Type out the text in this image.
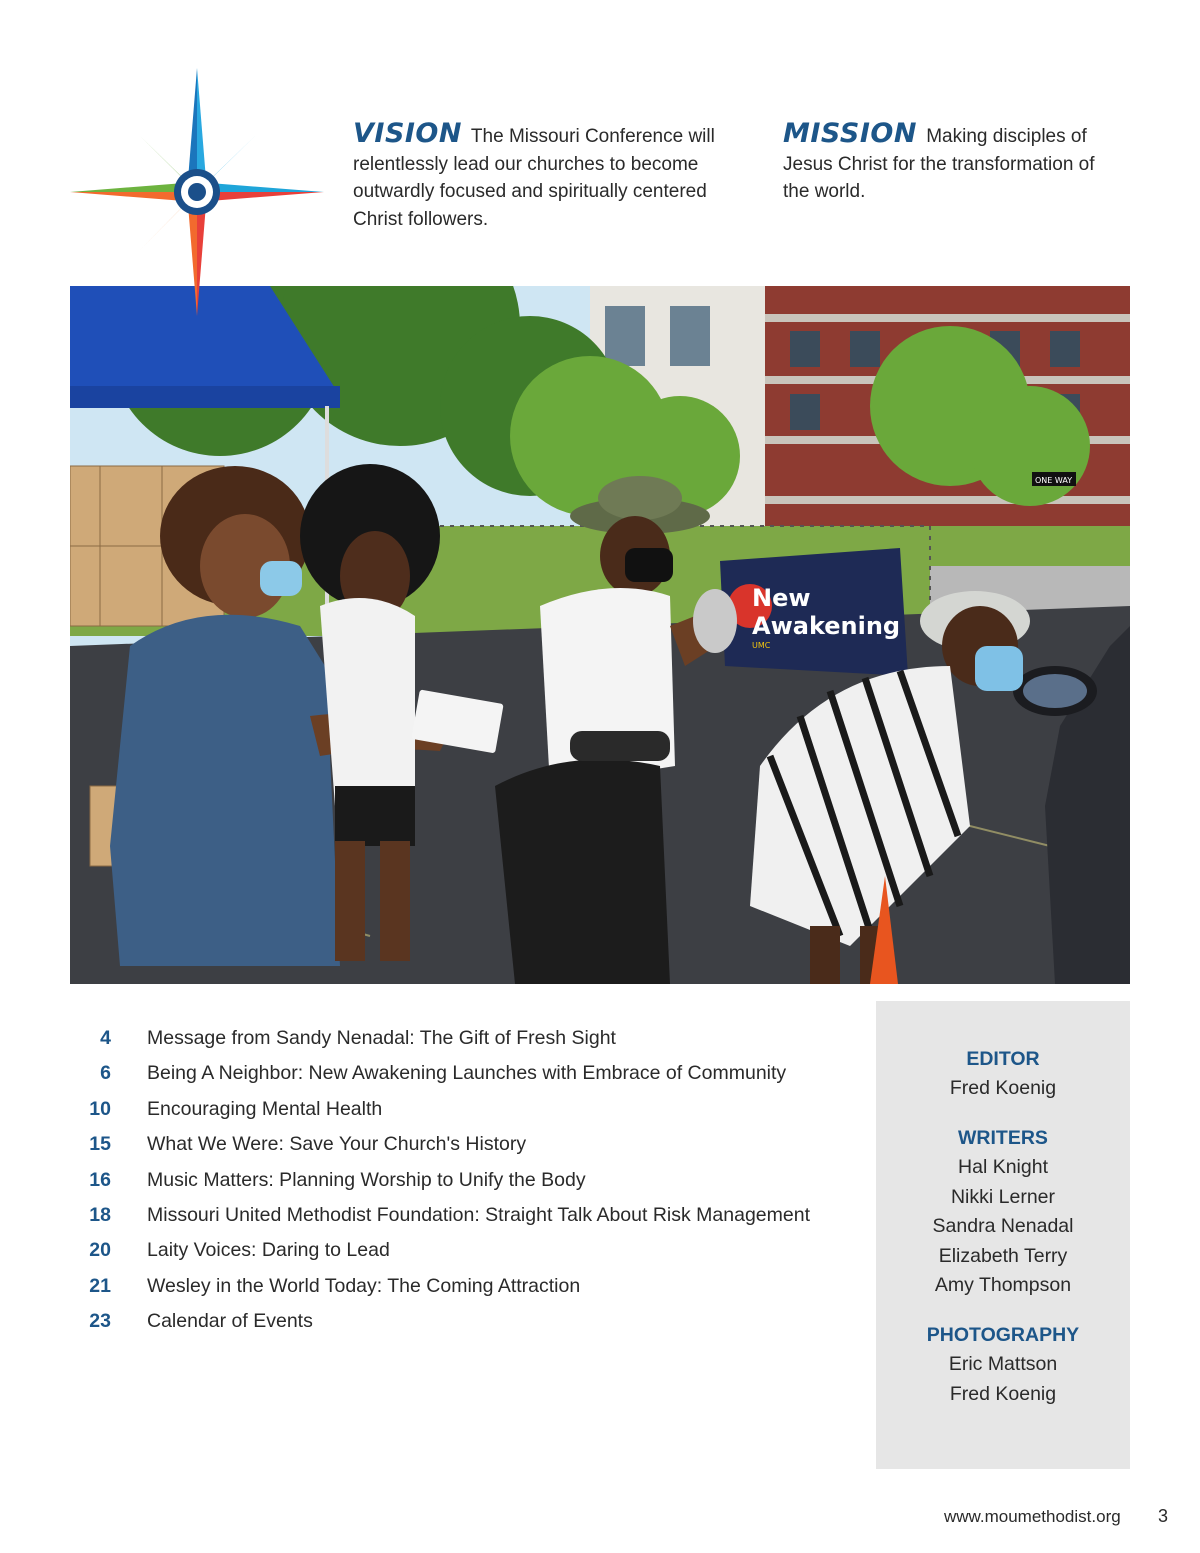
VISION The Missouri Conference will relentlessly lead our churches to become outwardly focused and spiritually centered Christ followers.
MISSION Making disciples of Jesus Christ for the transformation of the world.
New
Awakening
UMC
ONE WAY
4 Message from Sandy Nenadal: The Gift of Fresh Sight
6 Being A Neighbor: New Awakening Launches with Embrace of Community
10 Encouraging Mental Health
15 What We Were: Save Your Church's History
16 Music Matters: Planning Worship to Unify the Body
18 Missouri United Methodist Foundation: Straight Talk About Risk Management
20 Laity Voices: Daring to Lead
21 Wesley in the World Today: The Coming Attraction
23 Calendar of Events
EDITOR
Fred Koenig
WRITERS
Hal Knight
Nikki Lerner
Sandra Nenadal
Elizabeth Terry
Amy Thompson
PHOTOGRAPHY
Eric Mattson
Fred Koenig
www.moumethodist.org 3
